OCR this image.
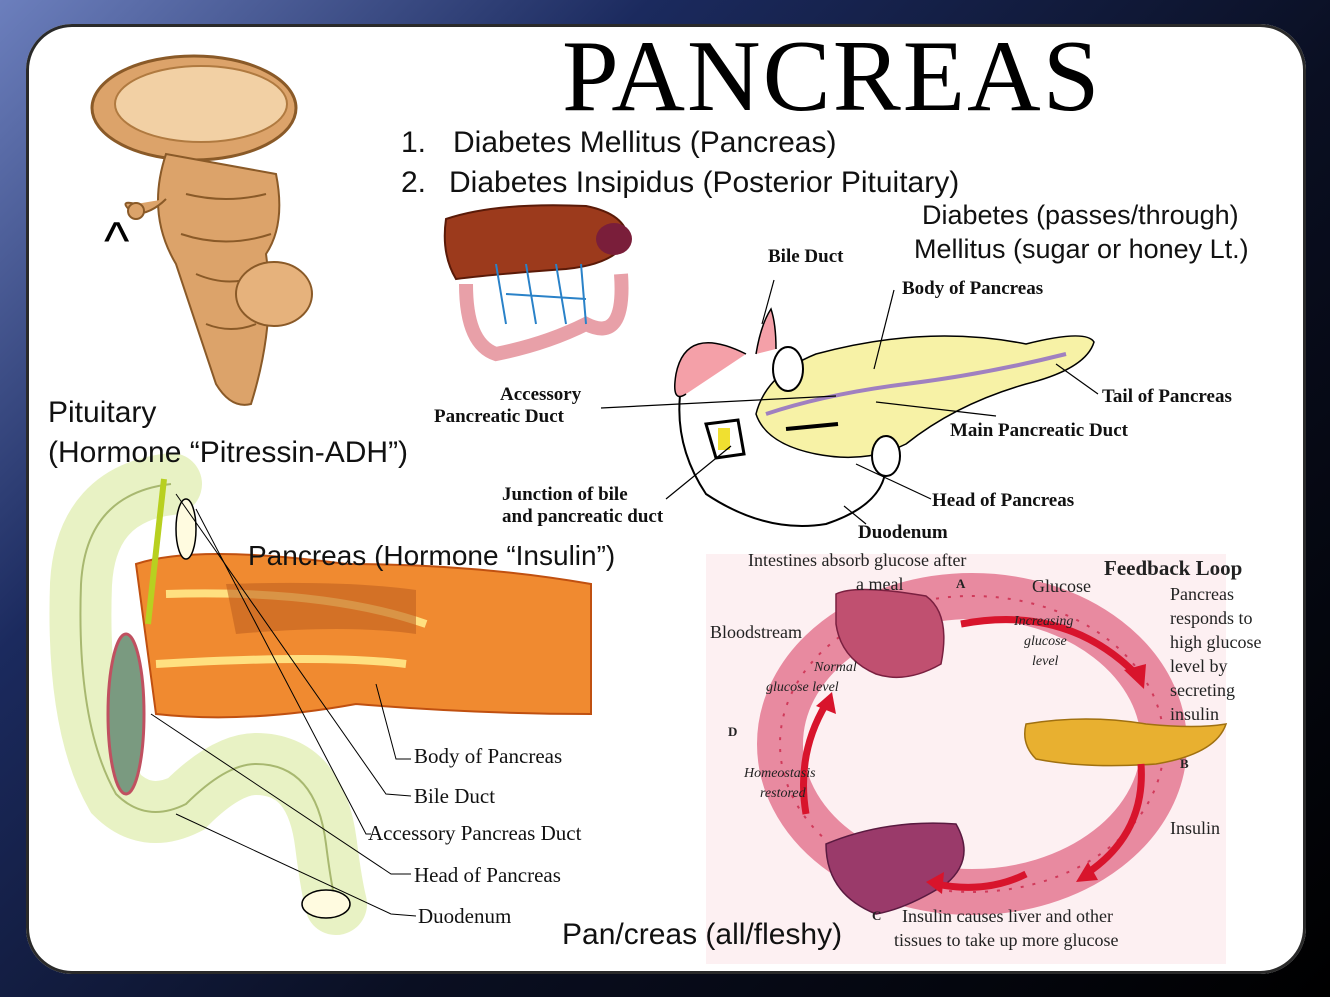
PANCREAS
1. Diabetes Mellitus (Pancreas)
2. Diabetes Insipidus (Posterior Pituitary)
Diabetes (passes/through)
Mellitus (sugar or honey Lt.)
^
Pituitary
(Hormone “Pitressin-ADH”)
Pancreas (Hormone “Insulin”)
Pan/creas (all/fleshy)
Bile Duct
Body of Pancreas
Tail of Pancreas
Accessory
Pancreatic Duct
Main Pancreatic Duct
Junction of bile
and pancreatic duct
Head of Pancreas
Duodenum
Body of Pancreas
Bile Duct
Accessory Pancreas Duct
Head of Pancreas
Duodenum
Intestines absorb glucose after
a meal
Feedback Loop
Glucose
Bloodstream
Increasing
glucose
level
Normal
glucose level
Homeostasis
restored
Pancreas
responds to
high glucose
level by
secreting
insulin
Insulin
Insulin causes liver and other
tissues to take up more glucose
A
B
C
D
